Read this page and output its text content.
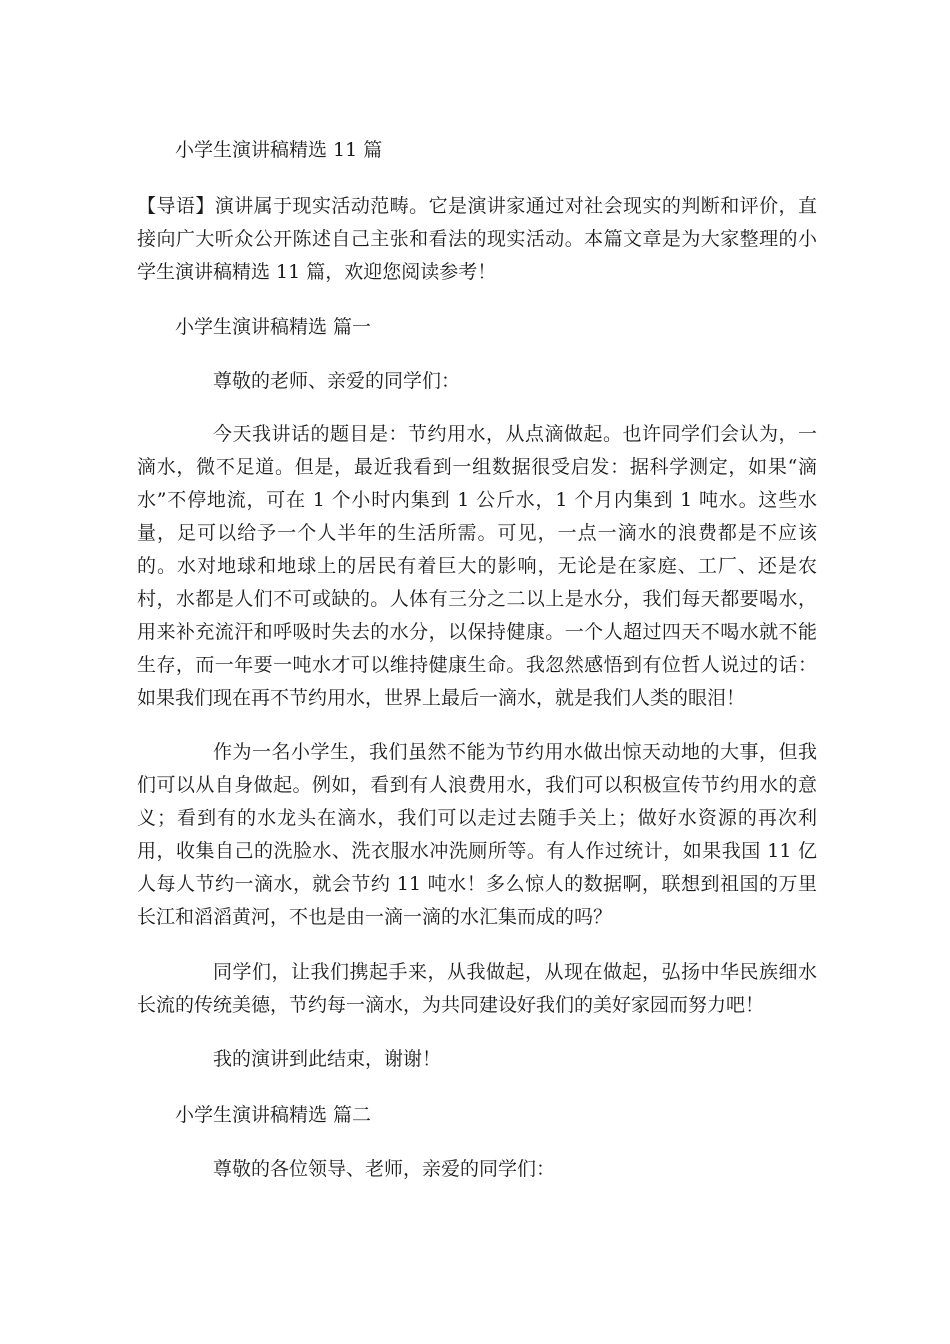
小学生演讲稿精选 11 篇

【导语】演讲属于现实活动范畴。它是演讲家通过对社会现实的判断和评价，直接向广大听众公开陈述自己主张和看法的现实活动。本篇文章是为大家整理的小学生演讲稿精选 11 篇，欢迎您阅读参考！

小学生演讲稿精选 篇一
尊敬的老师、亲爱的同学们：

今天我讲话的题目是：节约用水，从点滴做起。也许同学们会认为，一滴水，微不足道。但是，最近我看到一组数据很受启发：据科学测定，如果“滴水”不停地流，可在 1 个小时内集到 1 公斤水，1 个月内集到 1 吨水。这些水量，足可以给予一个人半年的生活所需。可见，一点一滴水的浪费都是不应该的。水对地球和地球上的居民有着巨大的影响，无论是在家庭、工厂、还是农村，水都是人们不可或缺的。人体有三分之二以上是水分，我们每天都要喝水，用来补充流汗和呼吸时失去的水分，以保持健康。一个人超过四天不喝水就不能生存，而一年要一吨水才可以维持健康生命。我忽然感悟到有位哲人说过的话：如果我们现在再不节约用水，世界上最后一滴水，就是我们人类的眼泪！

作为一名小学生，我们虽然不能为节约用水做出惊天动地的大事，但我们可以从自身做起。例如，看到有人浪费用水，我们可以积极宣传节约用水的意义；看到有的水龙头在滴水，我们可以走过去随手关上；做好水资源的再次利用，收集自己的洗脸水、洗衣服水冲洗厕所等。有人作过统计，如果我国 11 亿人每人节约一滴水，就会节约 11 吨水！多么惊人的数据啊，联想到祖国的万里长江和滔滔黄河，不也是由一滴一滴的水汇集而成的吗？

同学们，让我们携起手来，从我做起，从现在做起，弘扬中华民族细水长流的传统美德，节约每一滴水，为共同建设好我们的美好家园而努力吧！

我的演讲到此结束，谢谢！
小学生演讲稿精选 篇二
尊敬的各位领导、老师，亲爱的同学们：
